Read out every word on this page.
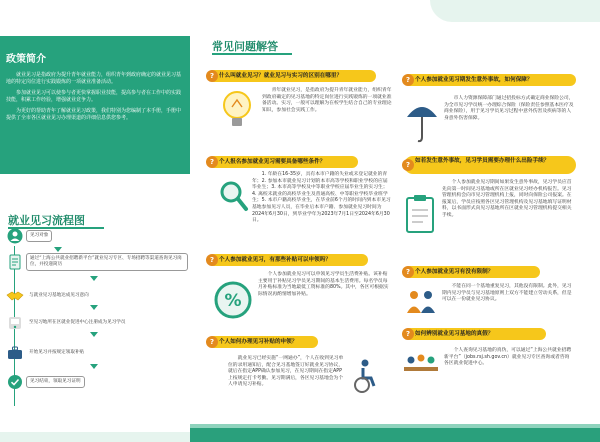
政策简介

就业见习是指政府为提升青年就业能力，组织青年到政府确定的就业见习基地的特定岗位进行实践锻炼的一项就业准备活动。

参加就业见习可以使参与者更快掌握职业技能，提高参与者在工作中的实践技能，积累工作经验，增强就业竞争力。

为更好的帮助青年了解就业见习政策，我们特别为您编制了本手册，手册中提供了全市各区就业见习办理渠道的详细信息供您参考。

就业见习流程图
见习对象
通过“上海公共就业招聘新平台”就业见习专区、专场招聘等渠道查询见习岗位，并投递简历
与就业见习基地达成见习意向
至见习地所在区就业促进中心注册成为见习学员
开始见习并按规定领取补贴
见习结束，领取见习证明
常见问题解答
? 什么叫就业见习？就业见习与实习的区别在哪里？

青年就业见习，是指政府为提升青年就业能力，组织青年到政府确定的见习基地的特定岗位进行实践锻炼的一项就业准备活动。实习，一般可以理解为在校学生结合自己的专业理论知识，参加社会实践工作。

? 个人报名参加就业见习需要具备哪些条件？

1. 年龄在16-35岁，具有本市户籍的失业或未登记就业的青年；2. 参加本市就业见习计划的本市高等学校和职业学校的应届毕业生；3. 本市高等学校及中等职业学校应届毕业生的实习生；4. 离校未就业的高校毕业生及普通高校、中等职业学校毕业班学生；5. 本市户籍高校毕业生，在毕业前6个月的时间内到本市见习基地参加见习人员，在毕业后本市户籍、参加就业见习时间为2024年6月30日，到毕业学年为2023年7月1日至2024年6月30日。

? 个人参加就业见习，有那些补贴可以申领吗？
%

个人参加就业见习可以申领见习学员生活费补贴。该补贴主要用于补贴见习学员见习期间的基本生活费用。每名学员每月补贴标准为当地最低工资标准的80%。其中，各区可根据实际情况再酌情增加补贴。

? 个人如何办理见习补贴的申领？

就业见习已经实施“一网通办”，个人在收到见习单位的录用通知后，配合见习基地签订好就业见习协议，就后在指定APP确认参加见习，在见习期间在指定APP上按规定打卡考勤。见习期满后，各区见习基地会为个人申请见习补贴。

? 个人参加就业见习期发生意外事故，如何保障？

市人力资源保障部门通过招投标方式确定商业保险公司，为全市见习学员统一办理综合保险（保险责任参照基本医疗及商业保险），用于见习学员见习过程中意外伤害及疾病等的人身意外伤害保障。

? 如若发生意外事故，见习学员需要办理什么出险手续？

个人参加就业见习期间如果发生意外事故，见习学员应首先向第一时间见习基地或所在区就业见习经办机构报告。见习管理机构会向市见习管理机构上报，同时向保险公司报案。在报案后，学员应按照各区见习管理机构及见习基地填写证明材料，以书面形式向见习基地所在区就业见习管理机构提交相关手续。

? 个人参加就业见习有没有限制？

不能在同一个基地重复见习，其他没有限制。此外，见习期内见习学员与见习基地原则上双方不能建立劳动关系，但是可以在一份就业见习协议。

? 如何辨别就业见习基地的真假？

个人查询见习基地的真伪，可以通过“上海公共就业招聘新平台”（jobs.rsj.sh.gov.cn）就业见习专区查询或者咨询各区就业促进中心。
